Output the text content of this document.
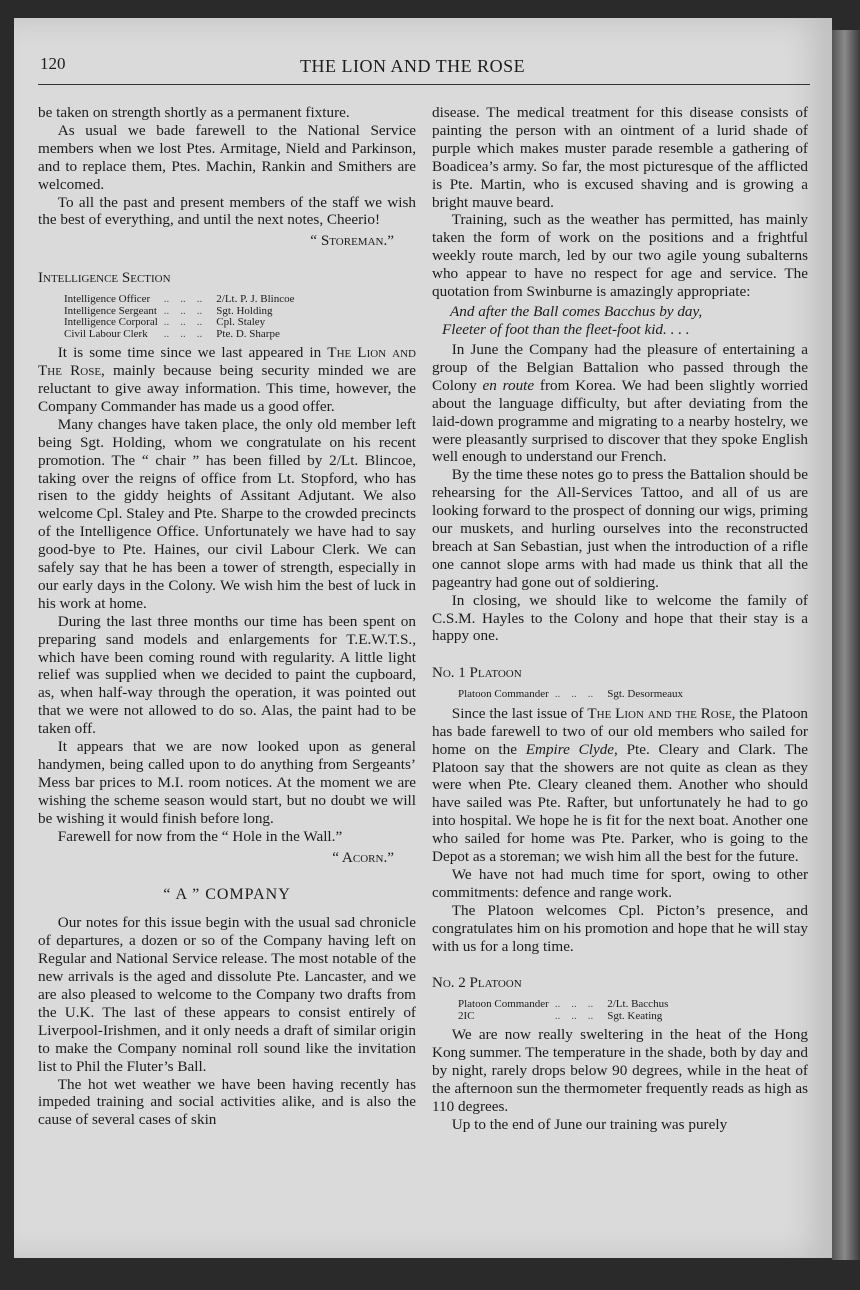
120	THE LION AND THE ROSE

be taken on strength shortly as a permanent fixture.

As usual we bade farewell to the National Service members when we lost Ptes. Armitage, Nield and Parkinson, and to replace them, Ptes. Machin, Rankin and Smithers are welcomed.

To all the past and present members of the staff we wish the best of everything, and until the next notes, Cheerio!

“ Storeman.”
Intelligence Section
Intelligence Officer	..    ..    ..	2/Lt. P. J. Blincoe
Intelligence Sergeant	..    ..    ..	Sgt. Holding
Intelligence Corporal	..    ..    ..	Cpl. Staley
Civil Labour Clerk	..    ..    ..	Pte. D. Sharpe

It is some time since we last appeared in The Lion and The Rose, mainly because being security minded we are reluctant to give away information. This time, however, the Company Commander has made us a good offer.

Many changes have taken place, the only old member left being Sgt. Holding, whom we congratulate on his recent promotion. The “ chair ” has been filled by 2/Lt. Blincoe, taking over the reigns of office from Lt. Stopford, who has risen to the giddy heights of Assitant Adjutant. We also welcome Cpl. Staley and Pte. Sharpe to the crowded precincts of the Intelligence Office. Unfortunately we have had to say good-bye to Pte. Haines, our civil Labour Clerk. We can safely say that he has been a tower of strength, especially in our early days in the Colony. We wish him the best of luck in his work at home.

During the last three months our time has been spent on preparing sand models and enlargements for T.E.W.T.S., which have been coming round with regularity. A little light relief was supplied when we decided to paint the cupboard, as, when half-way through the operation, it was pointed out that we were not allowed to do so. Alas, the paint had to be taken off.

It appears that we are now looked upon as general handymen, being called upon to do anything from Sergeants’ Mess bar prices to M.I. room notices. At the moment we are wishing the scheme season would start, but no doubt we will be wishing it would finish before long.

Farewell for now from the “ Hole in the Wall.”

“ Acorn.”
“ A ” COMPANY

Our notes for this issue begin with the usual sad chronicle of departures, a dozen or so of the Company having left on Regular and National Service release. The most notable of the new arrivals is the aged and dissolute Pte. Lancaster, and we are also pleased to welcome to the Company two drafts from the U.K. The last of these appears to consist entirely of Liverpool-Irishmen, and it only needs a draft of similar origin to make the Company nominal roll sound like the invitation list to Phil the Fluter’s Ball.

The hot wet weather we have been having recently has impeded training and social activities alike, and is also the cause of several cases of skin

disease. The medical treatment for this disease consists of painting the person with an ointment of a lurid shade of purple which makes muster parade resemble a gathering of Boadicea’s army. So far, the most picturesque of the afflicted is Pte. Martin, who is excused shaving and is growing a bright mauve beard.

Training, such as the weather has permitted, has mainly taken the form of work on the positions and a frightful weekly route march, led by our two agile young subalterns who appear to have no respect for age and service. The quotation from Swinburne is amazingly appropriate:

And after the Ball comes Bacchus by day,
Fleeter of foot than the fleet-foot kid. . . .

In June the Company had the pleasure of entertaining a group of the Belgian Battalion who passed through the Colony en route from Korea. We had been slightly worried about the language difficulty, but after deviating from the laid-down programme and migrating to a nearby hostelry, we were pleasantly surprised to discover that they spoke English well enough to understand our French.

By the time these notes go to press the Battalion should be rehearsing for the All-Services Tattoo, and all of us are looking forward to the prospect of donning our wigs, priming our muskets, and hurling ourselves into the reconstructed breach at San Sebastian, just when the introduction of a rifle one cannot slope arms with had made us think that all the pageantry had gone out of soldiering.

In closing, we should like to welcome the family of C.S.M. Hayles to the Colony and hope that their stay is a happy one.

No. 1 Platoon
Platoon Commander	..    ..    ..	Sgt. Desormeaux

Since the last issue of The Lion and the Rose, the Platoon has bade farewell to two of our old members who sailed for home on the Empire Clyde, Pte. Cleary and Clark. The Platoon say that the showers are not quite as clean as they were when Pte. Cleary cleaned them. Another who should have sailed was Pte. Rafter, but unfortunately he had to go into hospital. We hope he is fit for the next boat. Another one who sailed for home was Pte. Parker, who is going to the Depot as a storeman; we wish him all the best for the future.

We have not had much time for sport, owing to other commitments: defence and range work.

The Platoon welcomes Cpl. Picton’s presence, and congratulates him on his promotion and hope that he will stay with us for a long time.

No. 2 Platoon
Platoon Commander	..    ..    ..	2/Lt. Bacchus
2IC	..    ..    ..	Sgt. Keating

We are now really sweltering in the heat of the Hong Kong summer. The temperature in the shade, both by day and by night, rarely drops below 90 degrees, while in the heat of the afternoon sun the thermometer frequently reads as high as 110 degrees.

Up to the end of June our training was purely
